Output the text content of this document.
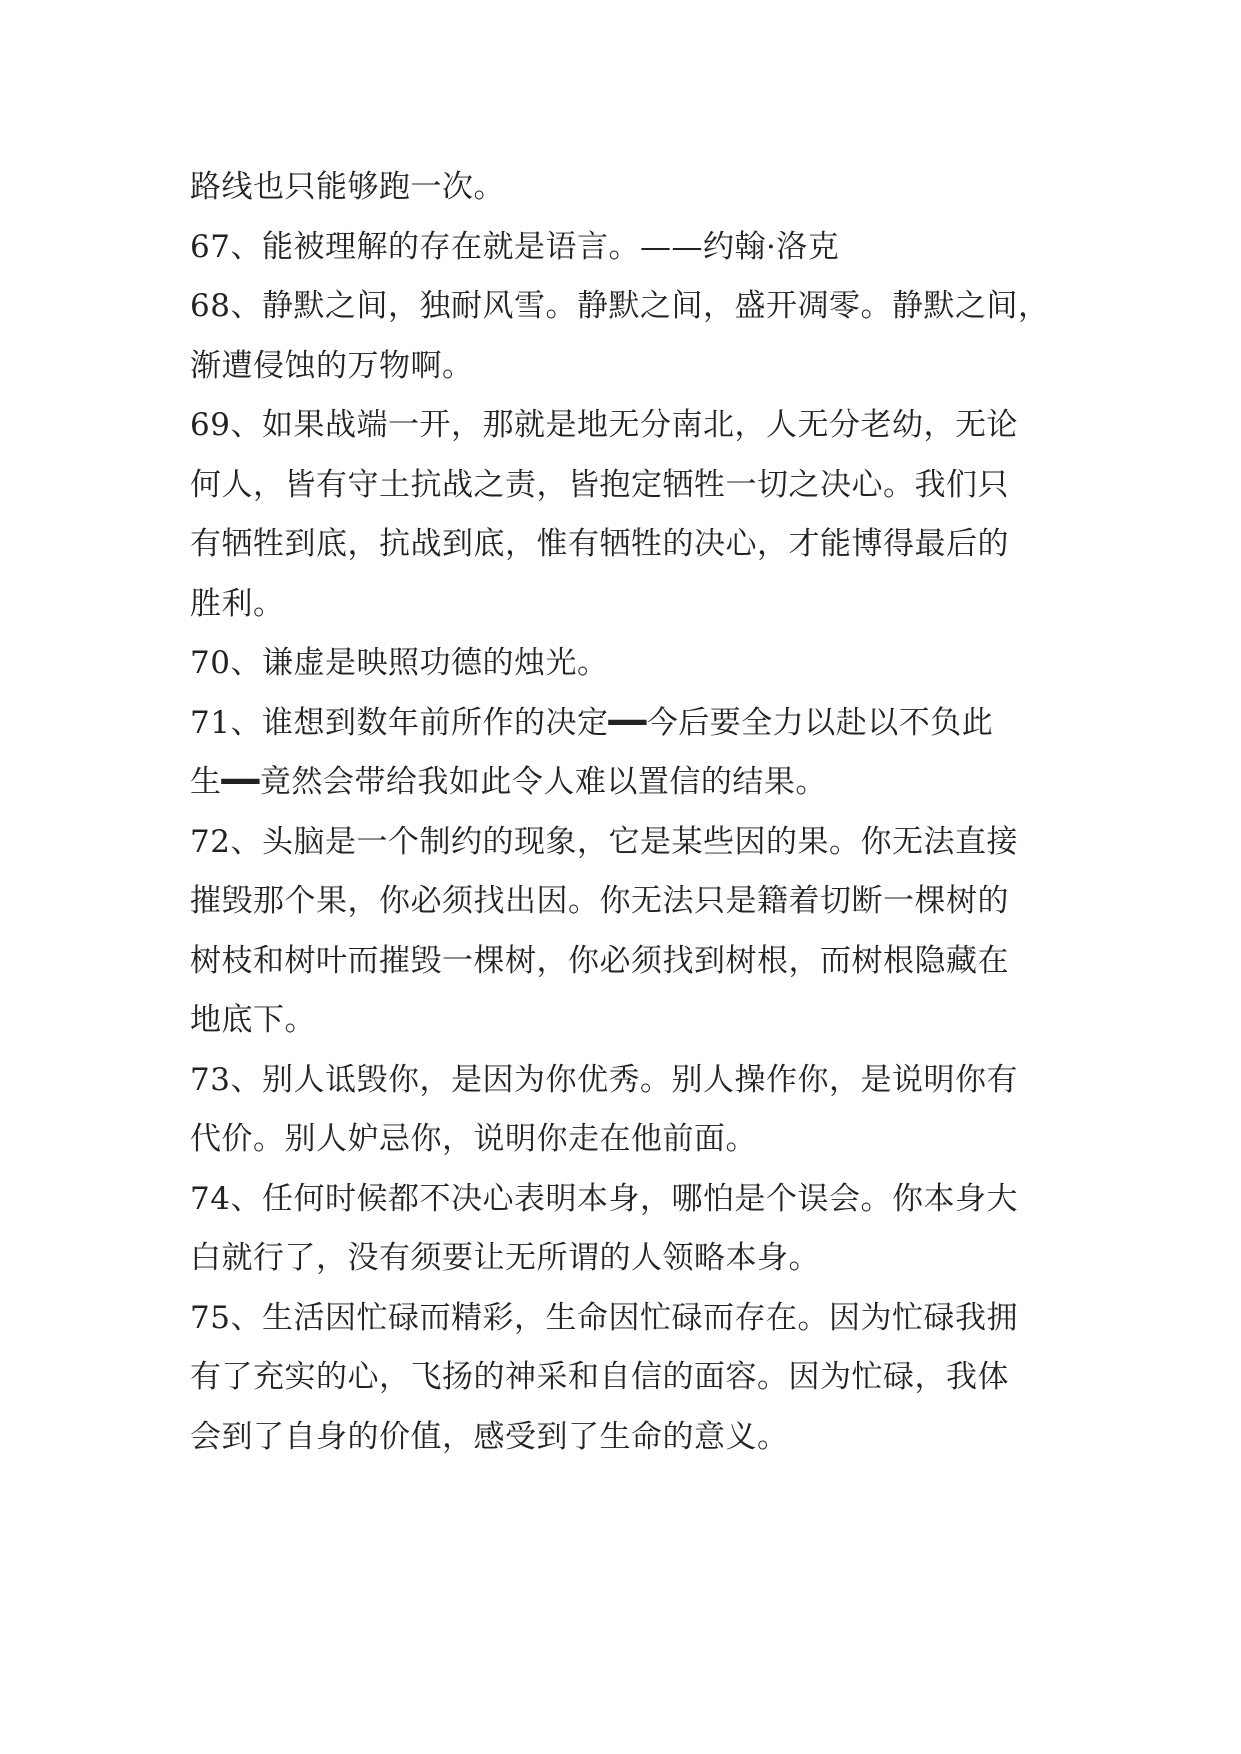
路线也只能够跑一次。
67、能被理解的存在就是语言。——约翰·洛克
68、静默之间，独耐风雪。静默之间，盛开凋零。静默之间，
渐遭侵蚀的万物啊。
69、如果战端一开，那就是地无分南北，人无分老幼，无论
何人，皆有守土抗战之责，皆抱定牺牲一切之决心。我们只
有牺牲到底，抗战到底，惟有牺牲的决心，才能博得最后的
胜利。
70、谦虚是映照功德的烛光。
71、谁想到数年前所作的决定━━今后要全力以赴以不负此
生━━竟然会带给我如此令人难以置信的结果。
72、头脑是一个制约的现象，它是某些因的果。你无法直接
摧毁那个果，你必须找出因。你无法只是籍着切断一棵树的
树枝和树叶而摧毁一棵树，你必须找到树根，而树根隐藏在
地底下。
73、别人诋毁你，是因为你优秀。别人操作你，是说明你有
代价。别人妒忌你，说明你走在他前面。
74、任何时候都不决心表明本身，哪怕是个误会。你本身大
白就行了，没有须要让无所谓的人领略本身。
75、生活因忙碌而精彩，生命因忙碌而存在。因为忙碌我拥
有了充实的心，飞扬的神采和自信的面容。因为忙碌，我体
会到了自身的价值，感受到了生命的意义。
